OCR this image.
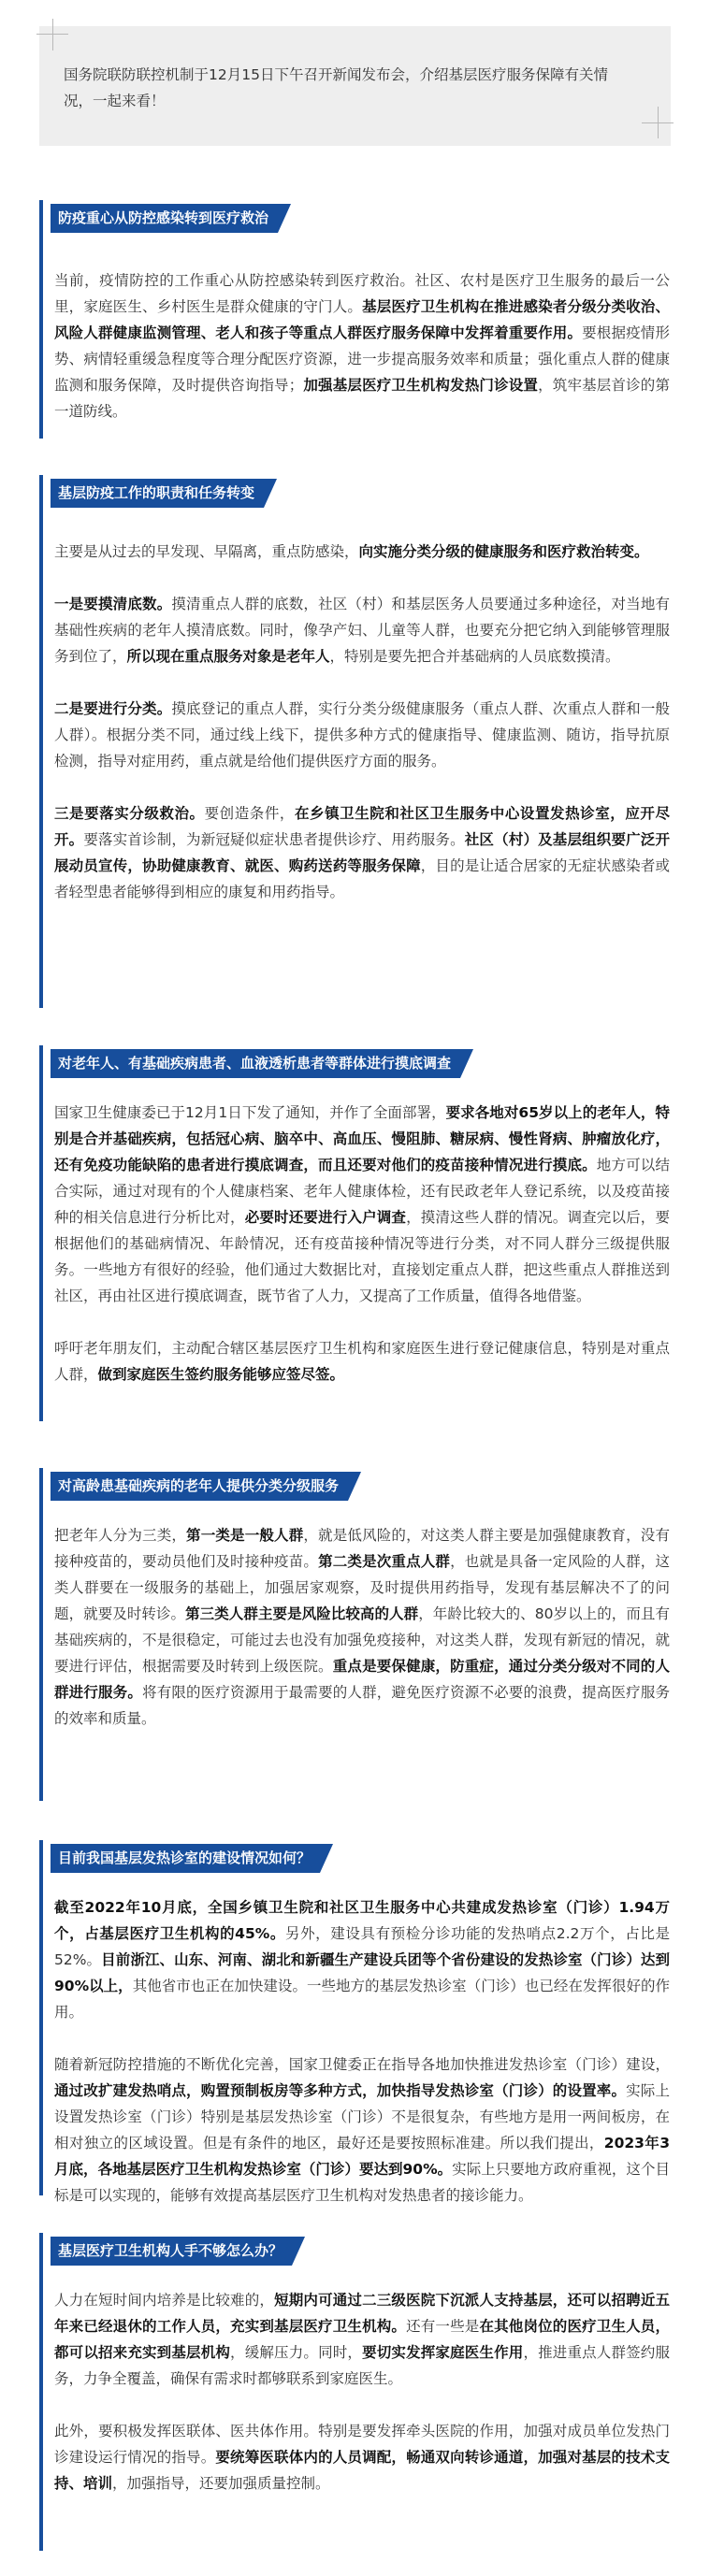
国务院联防联控机制于12月15日下午召开新闻发布会，介绍基层医疗服务保障有关情况，一起来看！

防疫重心从防控感染转到医疗救治

当前，疫情防控的工作重心从防控感染转到医疗救治。社区、农村是医疗卫生服务的最后一公里，家庭医生、乡村医生是群众健康的守门人。基层医疗卫生机构在推进感染者分级分类收治、风险人群健康监测管理、老人和孩子等重点人群医疗服务保障中发挥着重要作用。要根据疫情形势、病情轻重缓急程度等合理分配医疗资源，进一步提高服务效率和质量；强化重点人群的健康监测和服务保障，及时提供咨询指导；加强基层医疗卫生机构发热门诊设置，筑牢基层首诊的第一道防线。

基层防疫工作的职责和任务转变

主要是从过去的早发现、早隔离，重点防感染，向实施分类分级的健康服务和医疗救治转变。

一是要摸清底数。摸清重点人群的底数，社区（村）和基层医务人员要通过多种途径，对当地有基础性疾病的老年人摸清底数。同时，像孕产妇、儿童等人群，也要充分把它纳入到能够管理服务到位了，所以现在重点服务对象是老年人，特别是要先把合并基础病的人员底数摸清。

二是要进行分类。摸底登记的重点人群，实行分类分级健康服务（重点人群、次重点人群和一般人群）。根据分类不同，通过线上线下，提供多种方式的健康指导、健康监测、随访，指导抗原检测，指导对症用药，重点就是给他们提供医疗方面的服务。

三是要落实分级救治。要创造条件，在乡镇卫生院和社区卫生服务中心设置发热诊室，应开尽开。要落实首诊制，为新冠疑似症状患者提供诊疗、用药服务。社区（村）及基层组织要广泛开展动员宣传，协助健康教育、就医、购药送药等服务保障，目的是让适合居家的无症状感染者或者轻型患者能够得到相应的康复和用药指导。

对老年人、有基础疾病患者、血液透析患者等群体进行摸底调查

国家卫生健康委已于12月1日下发了通知，并作了全面部署，要求各地对65岁以上的老年人，特别是合并基础疾病，包括冠心病、脑卒中、高血压、慢阻肺、糖尿病、慢性肾病、肿瘤放化疗，还有免疫功能缺陷的患者进行摸底调查，而且还要对他们的疫苗接种情况进行摸底。地方可以结合实际，通过对现有的个人健康档案、老年人健康体检，还有民政老年人登记系统，以及疫苗接种的相关信息进行分析比对，必要时还要进行入户调查，摸清这些人群的情况。调查完以后，要根据他们的基础病情况、年龄情况，还有疫苗接种情况等进行分类，对不同人群分三级提供服务。一些地方有很好的经验，他们通过大数据比对，直接划定重点人群，把这些重点人群推送到社区，再由社区进行摸底调查，既节省了人力，又提高了工作质量，值得各地借鉴。

呼吁老年朋友们，主动配合辖区基层医疗卫生机构和家庭医生进行登记健康信息，特别是对重点人群，做到家庭医生签约服务能够应签尽签。

对高龄患基础疾病的老年人提供分类分级服务

把老年人分为三类，第一类是一般人群，就是低风险的，对这类人群主要是加强健康教育，没有接种疫苗的，要动员他们及时接种疫苗。第二类是次重点人群，也就是具备一定风险的人群，这类人群要在一级服务的基础上，加强居家观察，及时提供用药指导，发现有基层解决不了的问题，就要及时转诊。第三类人群主要是风险比较高的人群，年龄比较大的、80岁以上的，而且有基础疾病的，不是很稳定，可能过去也没有加强免疫接种，对这类人群，发现有新冠的情况，就要进行评估，根据需要及时转到上级医院。重点是要保健康，防重症，通过分类分级对不同的人群进行服务。将有限的医疗资源用于最需要的人群，避免医疗资源不必要的浪费，提高医疗服务的效率和质量。

目前我国基层发热诊室的建设情况如何？

截至2022年10月底，全国乡镇卫生院和社区卫生服务中心共建成发热诊室（门诊）1.94万个，占基层医疗卫生机构的45%。另外，建设具有预检分诊功能的发热哨点2.2万个，占比是52%。目前浙江、山东、河南、湖北和新疆生产建设兵团等个省份建设的发热诊室（门诊）达到90%以上，其他省市也正在加快建设。一些地方的基层发热诊室（门诊）也已经在发挥很好的作用。

随着新冠防控措施的不断优化完善，国家卫健委正在指导各地加快推进发热诊室（门诊）建设，通过改扩建发热哨点，购置预制板房等多种方式，加快指导发热诊室（门诊）的设置率。实际上设置发热诊室（门诊）特别是基层发热诊室（门诊）不是很复杂，有些地方是用一两间板房，在相对独立的区域设置。但是有条件的地区，最好还是要按照标准建。所以我们提出，2023年3月底，各地基层医疗卫生机构发热诊室（门诊）要达到90%。实际上只要地方政府重视，这个目标是可以实现的，能够有效提高基层医疗卫生机构对发热患者的接诊能力。

基层医疗卫生机构人手不够怎么办？

人力在短时间内培养是比较难的，短期内可通过二三级医院下沉派人支持基层，还可以招聘近五年来已经退休的工作人员，充实到基层医疗卫生机构。还有一些是在其他岗位的医疗卫生人员，都可以招来充实到基层机构，缓解压力。同时，要切实发挥家庭医生作用，推进重点人群签约服务，力争全覆盖，确保有需求时都够联系到家庭医生。

此外，要积极发挥医联体、医共体作用。特别是要发挥牵头医院的作用，加强对成员单位发热门诊建设运行情况的指导。要统筹医联体内的人员调配，畅通双向转诊通道，加强对基层的技术支持、培训，加强指导，还要加强质量控制。
